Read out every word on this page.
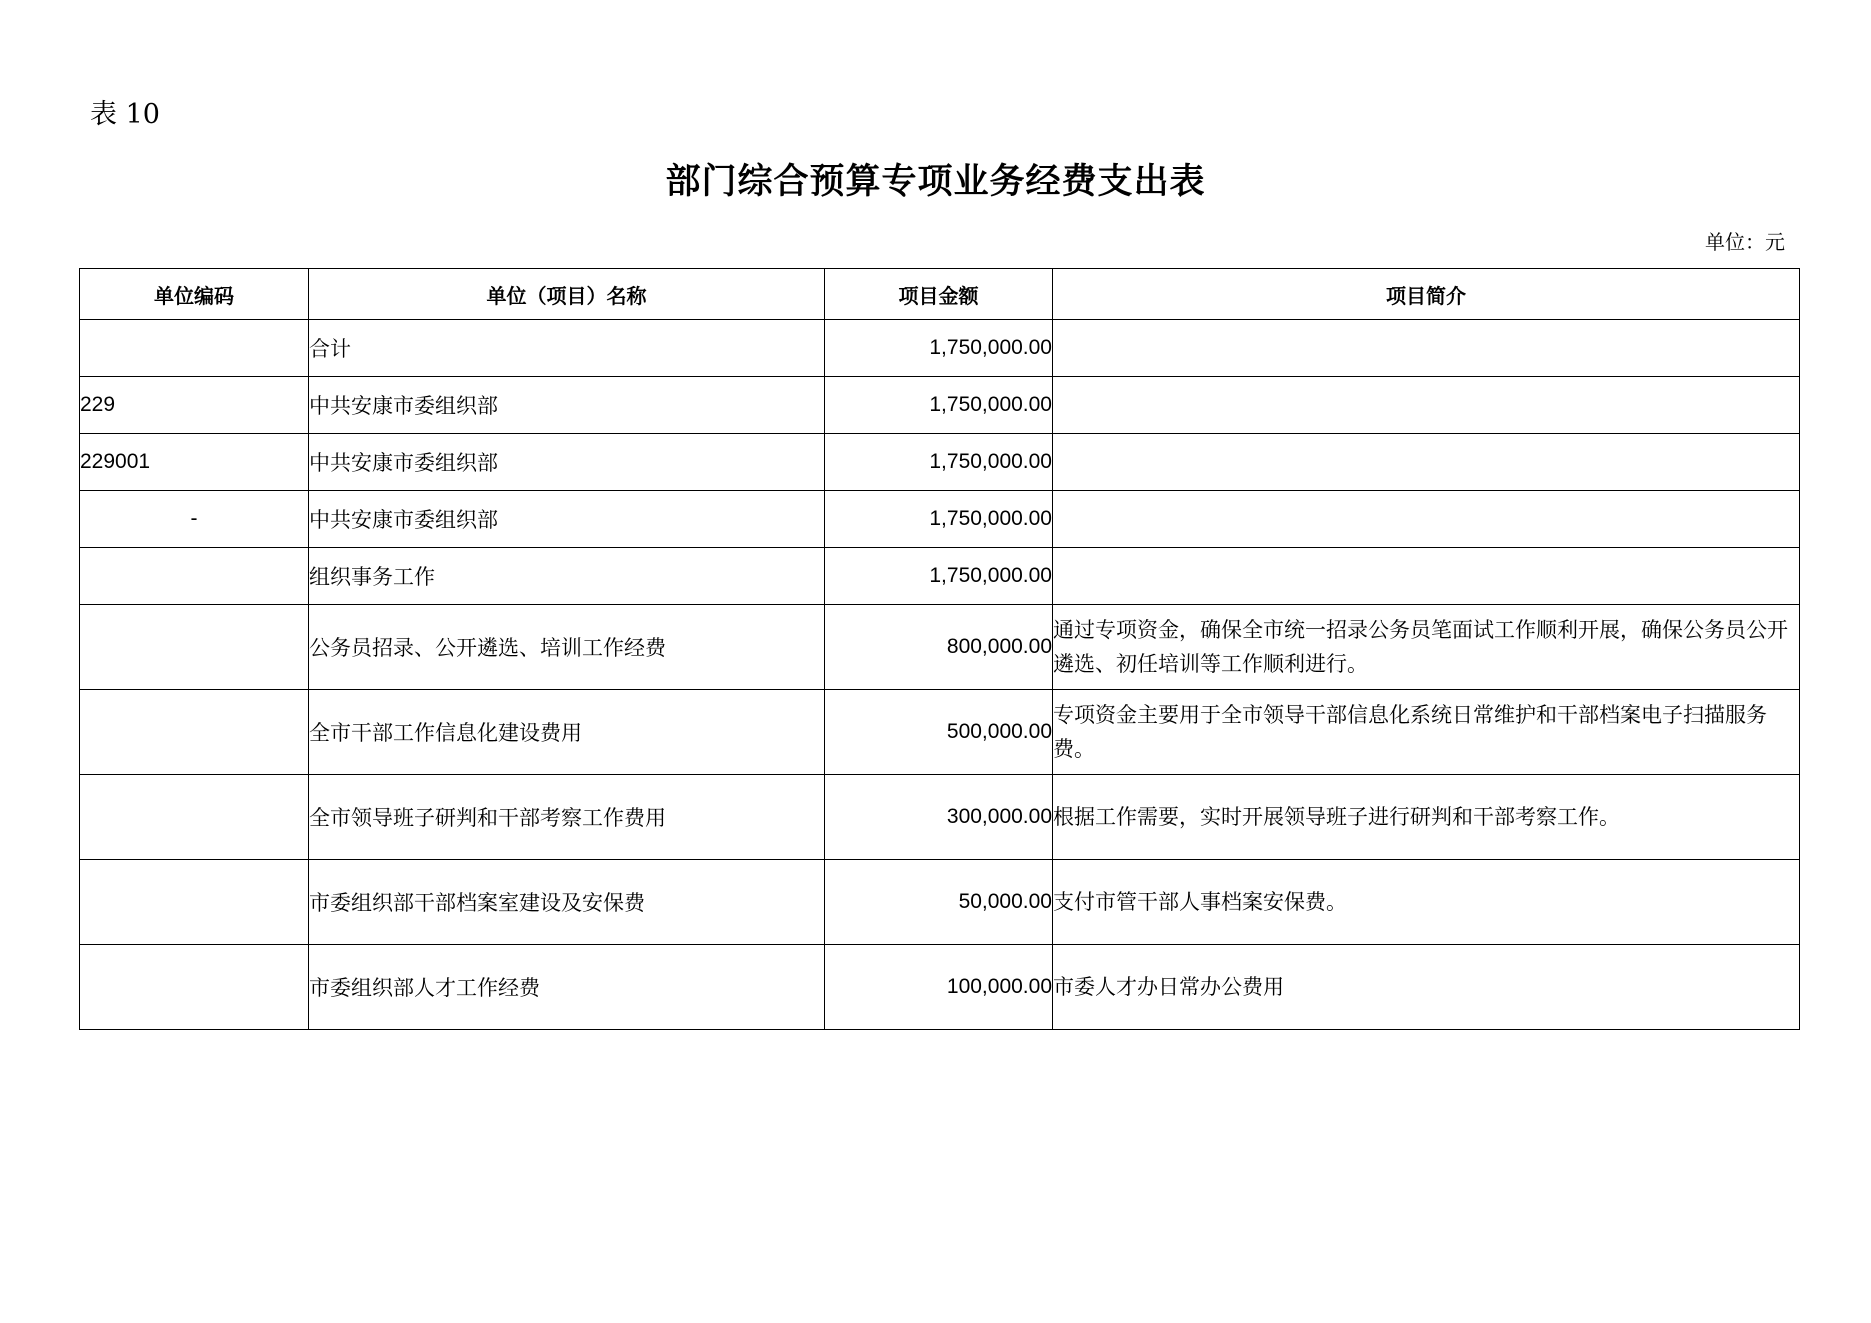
表 10
部门综合预算专项业务经费支出表
单位：元
单位编码	单位（项目）名称	项目金额	项目简介
	合计	1,750,000.00	
229	中共安康市委组织部	1,750,000.00	
229001	中共安康市委组织部	1,750,000.00	
-	中共安康市委组织部	1,750,000.00	
	组织事务工作	1,750,000.00	
	公务员招录、公开遴选、培训工作经费	800,000.00	通过专项资金，确保全市统一招录公务员笔面试工作顺利开展，确保公务员公开遴选、初任培训等工作顺利进行。
	全市干部工作信息化建设费用	500,000.00	专项资金主要用于全市领导干部信息化系统日常维护和干部档案电子扫描服务费。
	全市领导班子研判和干部考察工作费用	300,000.00	根据工作需要，实时开展领导班子进行研判和干部考察工作。
	市委组织部干部档案室建设及安保费	50,000.00	支付市管干部人事档案安保费。
	市委组织部人才工作经费	100,000.00	市委人才办日常办公费用
